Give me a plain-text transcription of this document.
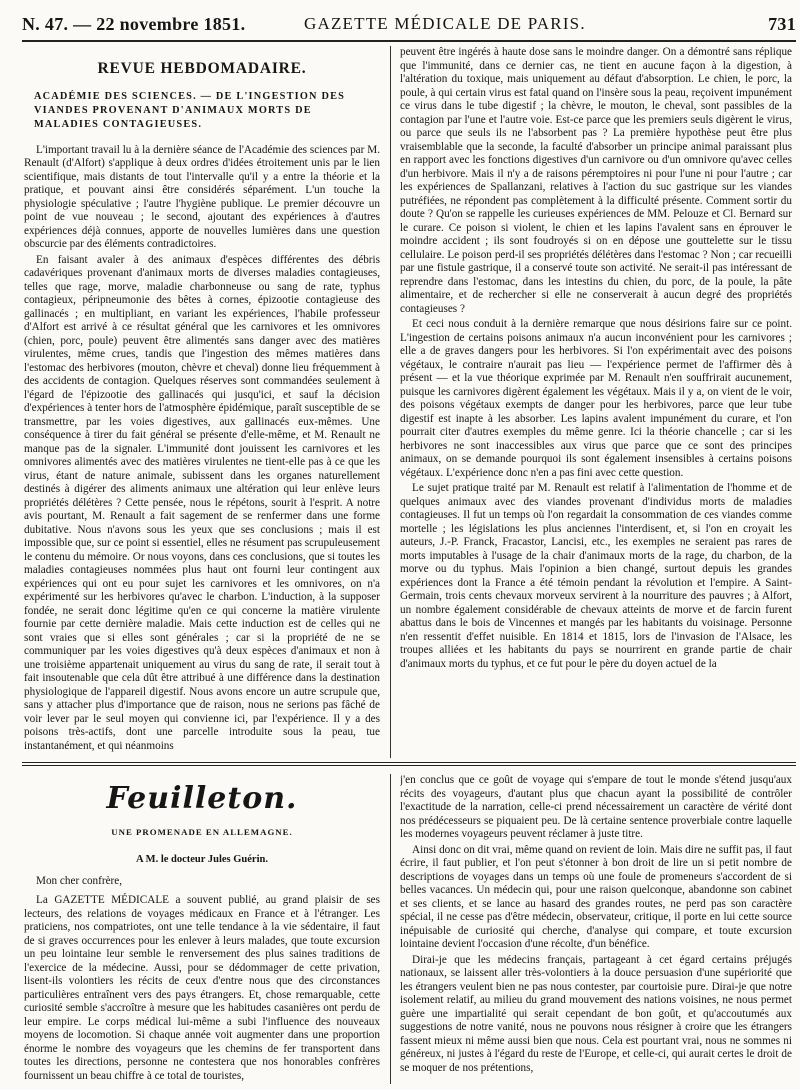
N. 47. — 22 novembre 1851.	GAZETTE MÉDICALE DE PARIS.	731
REVUE HEBDOMADAIRE.
ACADÉMIE DES SCIENCES. — DE L'INGESTION DES VIANDES PROVENANT D'ANIMAUX MORTS DE MALADIES CONTAGIEUSES.

L'important travail lu à la dernière séance de l'Académie des sciences par M. Renault (d'Alfort) s'applique à deux ordres d'idées étroitement unis par le lien scientifique, mais distants de tout l'intervalle qu'il y a entre la théorie et la pratique, et pouvant ainsi être considérés séparément. L'un touche la physiologie spéculative ; l'autre l'hygiène publique. Le premier découvre un point de vue nouveau ; le second, ajoutant des expériences à d'autres expériences déjà connues, apporte de nouvelles lumières dans une question obscurcie par des éléments contradictoires.

En faisant avaler à des animaux d'espèces différentes des débris cadavériques provenant d'animaux morts de diverses maladies contagieuses, telles que rage, morve, maladie charbonneuse ou sang de rate, typhus contagieux, péripneumonie des bêtes à cornes, épizootie contagieuse des gallinacés ; en multipliant, en variant les expériences, l'habile professeur d'Alfort est arrivé à ce résultat général que les carnivores et les omnivores (chien, porc, poule) peuvent être alimentés sans danger avec des matières virulentes, même crues, tandis que l'ingestion des mêmes matières dans l'estomac des herbivores (mouton, chèvre et cheval) donne lieu fréquemment à des accidents de contagion. Quelques réserves sont commandées seulement à l'égard de l'épizootie des gallinacés qui jusqu'ici, et sauf la décision d'expériences à tenter hors de l'atmosphère épidémique, paraît susceptible de se transmettre, par les voies digestives, aux gallinacés eux-mêmes. Une conséquence à tirer du fait général se présente d'elle-même, et M. Renault ne manque pas de la signaler. L'immunité dont jouissent les carnivores et les omnivores alimentés avec des matières virulentes ne tient-elle pas à ce que les virus, étant de nature animale, subissent dans les organes naturellement destinés à digérer des aliments animaux une altération qui leur enlève leurs propriétés délétères ? Cette pensée, nous le répétons, sourit à l'esprit. A notre avis pourtant, M. Renault a fait sagement de se renfermer dans une forme dubitative. Nous n'avons sous les yeux que ses conclusions ; mais il est impossible que, sur ce point si essentiel, elles ne résument pas scrupuleusement le contenu du mémoire. Or nous voyons, dans ces conclusions, que si toutes les maladies contagieuses nommées plus haut ont fourni leur contingent aux expériences qui ont eu pour sujet les carnivores et les omnivores, on n'a expérimenté sur les herbivores qu'avec le charbon. L'induction, à la supposer fondée, ne serait donc légitime qu'en ce qui concerne la matière virulente fournie par cette dernière maladie. Mais cette induction est de celles qui ne sont vraies que si elles sont générales ; car si la propriété de ne se communiquer par les voies digestives qu'à deux espèces d'animaux et non à une troisième appartenait uniquement au virus du sang de rate, il serait tout à fait insoutenable que cela dût être attribué à une différence dans la destination physiologique de l'appareil digestif. Nous avons encore un autre scrupule que, sans y attacher plus d'importance que de raison, nous ne serions pas fâché de voir lever par le seul moyen qui convienne ici, par l'expérience. Il y a des poisons très-actifs, dont une parcelle introduite sous la peau, tue instantanément, et qui néanmoins

peuvent être ingérés à haute dose sans le moindre danger. On a démontré sans réplique que l'immunité, dans ce dernier cas, ne tient en aucune façon à la digestion, à l'altération du toxique, mais uniquement au défaut d'absorption. Le chien, le porc, la poule, à qui certain virus est fatal quand on l'insère sous la peau, reçoivent impunément ce virus dans le tube digestif ; la chèvre, le mouton, le cheval, sont passibles de la contagion par l'une et l'autre voie. Est-ce parce que les premiers seuls digèrent le virus, ou parce que seuls ils ne l'absorbent pas ? La première hypothèse peut être plus vraisemblable que la seconde, la faculté d'absorber un principe animal paraissant plus en rapport avec les fonctions digestives d'un carnivore ou d'un omnivore qu'avec celles d'un herbivore. Mais il n'y a de raisons péremptoires ni pour l'une ni pour l'autre ; car les expériences de Spallanzani, relatives à l'action du suc gastrique sur les viandes putréfiées, ne répondent pas complètement à la difficulté présente. Comment sortir du doute ? Qu'on se rappelle les curieuses expériences de MM. Pelouze et Cl. Bernard sur le curare. Ce poison si violent, le chien et les lapins l'avalent sans en éprouver le moindre accident ; ils sont foudroyés si on en dépose une gouttelette sur le tissu cellulaire. Le poison perd-il ses propriétés délétères dans l'estomac ? Non ; car recueilli par une fistule gastrique, il a conservé toute son activité. Ne serait-il pas intéressant de reprendre dans l'estomac, dans les intestins du chien, du porc, de la poule, la pâte alimentaire, et de rechercher si elle ne conserverait à aucun degré des propriétés contagieuses ?

Et ceci nous conduit à la dernière remarque que nous désirions faire sur ce point. L'ingestion de certains poisons animaux n'a aucun inconvénient pour les carnivores ; elle a de graves dangers pour les herbivores. Si l'on expérimentait avec des poisons végétaux, le contraire n'aurait pas lieu — l'expérience permet de l'affirmer dès à présent — et la vue théorique exprimée par M. Renault n'en souffrirait aucunement, puisque les carnivores digèrent également les végétaux. Mais il y a, on vient de le voir, des poisons végétaux exempts de danger pour les herbivores, parce que leur tube digestif est inapte à les absorber. Les lapins avalent impunément du curare, et l'on pourrait citer d'autres exemples du même genre. Ici la théorie chancelle ; car si les herbivores ne sont inaccessibles aux virus que parce que ce sont des principes animaux, on se demande pourquoi ils sont également insensibles à certains poisons végétaux. L'expérience donc n'en a pas fini avec cette question.

Le sujet pratique traité par M. Renault est relatif à l'alimentation de l'homme et de quelques animaux avec des viandes provenant d'individus morts de maladies contagieuses. Il fut un temps où l'on regardait la consommation de ces viandes comme mortelle ; les législations les plus anciennes l'interdisent, et, si l'on en croyait les auteurs, J.-P. Franck, Fracastor, Lancisi, etc., les exemples ne seraient pas rares de morts imputables à l'usage de la chair d'animaux morts de la rage, du charbon, de la morve ou du typhus. Mais l'opinion a bien changé, surtout depuis les grandes expériences dont la France a été témoin pendant la révolution et l'empire. A Saint-Germain, trois cents chevaux morveux servirent à la nourriture des pauvres ; à Alfort, un nombre également considérable de chevaux atteints de morve et de farcin furent abattus dans le bois de Vincennes et mangés par les habitants du voisinage. Personne n'en ressentit d'effet nuisible. En 1814 et 1815, lors de l'invasion de l'Alsace, les troupes alliées et les habitants du pays se nourrirent en grande partie de chair d'animaux morts du typhus, et ce fut pour le père du doyen actuel de la

Feuilleton.
UNE PROMENADE EN ALLEMAGNE.
A M. le docteur Jules Guérin.
Mon cher confrère,

La GAZETTE MÉDICALE a souvent publié, au grand plaisir de ses lecteurs, des relations de voyages médicaux en France et à l'étranger. Les praticiens, nos compatriotes, ont une telle tendance à la vie sédentaire, il faut de si graves occurrences pour les enlever à leurs malades, que toute excursion un peu lointaine leur semble le renversement des plus saines traditions de l'exercice de la médecine. Aussi, pour se dédommager de cette privation, lisent-ils volontiers les récits de ceux d'entre nous que des circonstances particulières entraînent vers des pays étrangers. Et, chose remarquable, cette curiosité semble s'accroître à mesure que les habitudes casanières ont perdu de leur empire. Le corps médical lui-même a subi l'influence des nouveaux moyens de locomotion. Si chaque année voit augmenter dans une proportion énorme le nombre des voyageurs que les chemins de fer transportent dans toutes les directions, personne ne contestera que nos honorables confrères fournissent un beau chiffre à ce total de touristes,

j'en conclus que ce goût de voyage qui s'empare de tout le monde s'étend jusqu'aux récits des voyageurs, d'autant plus que chacun ayant la possibilité de contrôler l'exactitude de la narration, celle-ci prend nécessairement un caractère de vérité dont nos prédécesseurs se piquaient peu. De là certaine sentence proverbiale contre laquelle les modernes voyageurs peuvent réclamer à juste titre.

Ainsi donc on dit vrai, même quand on revient de loin. Mais dire ne suffit pas, il faut écrire, il faut publier, et l'on peut s'étonner à bon droit de lire un si petit nombre de descriptions de voyages dans un temps où une foule de promeneurs s'accordent de si belles vacances. Un médecin qui, pour une raison quelconque, abandonne son cabinet et ses clients, et se lance au hasard des grandes routes, ne perd pas son caractère spécial, il ne cesse pas d'être médecin, observateur, critique, il porte en lui cette source inépuisable de curiosité qui cherche, d'analyse qui compare, et toute excursion lointaine devient l'occasion d'une récolte, d'un bénéfice.

Dirai-je que les médecins français, partageant à cet égard certains préjugés nationaux, se laissent aller très-volontiers à la douce persuasion d'une supériorité que les étrangers veulent bien ne pas nous contester, par courtoisie pure. Dirai-je que notre isolement relatif, au milieu du grand mouvement des nations voisines, ne nous permet guère une impartialité qui serait cependant de bon goût, et qu'accoutumés aux suggestions de notre vanité, nous ne pouvons nous résigner à croire que les étrangers fassent mieux ni même aussi bien que nous. Cela est pourtant vrai, nous ne sommes ni généreux, ni justes à l'égard du reste de l'Europe, et celle-ci, qui aurait certes le droit de se moquer de nos prétentions,
